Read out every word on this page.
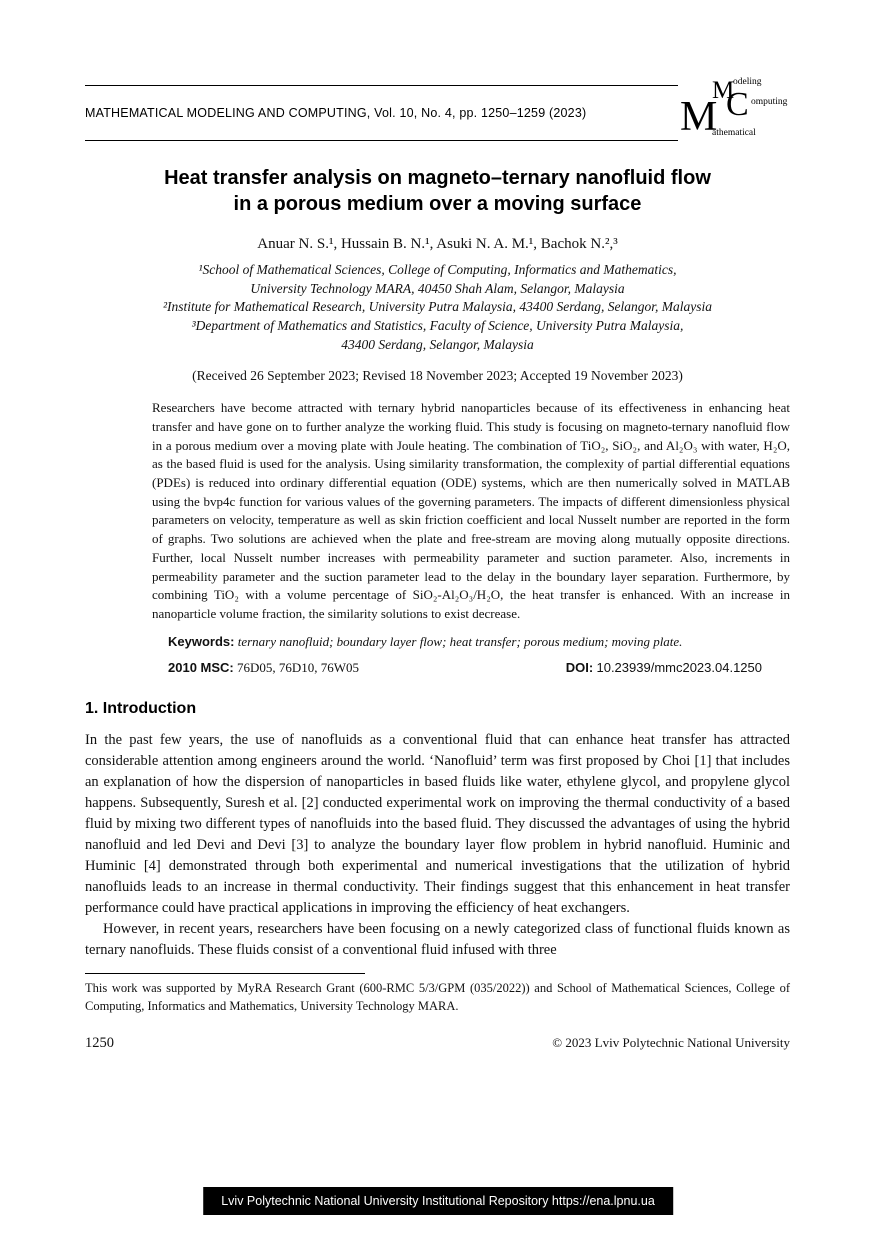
MATHEMATICAL MODELING AND COMPUTING, Vol. 10, No. 4, pp. 1250–1259 (2023) M
M
odeling
C omputing
athematical
Heat transfer analysis on magneto–ternary nanofluid flow
in a porous medium over a moving surface
Anuar N. S.¹, Hussain B. N.¹, Asuki N. A. M.¹, Bachok N.²,³
¹School of Mathematical Sciences, College of Computing, Informatics and Mathematics,
University Technology MARA, 40450 Shah Alam, Selangor, Malaysia
²Institute for Mathematical Research, University Putra Malaysia, 43400 Serdang, Selangor, Malaysia
³Department of Mathematics and Statistics, Faculty of Science, University Putra Malaysia,
43400 Serdang, Selangor, Malaysia
(Received 26 September 2023; Revised 18 November 2023; Accepted 19 November 2023)

Researchers have become attracted with ternary hybrid nanoparticles because of its effectiveness in enhancing heat transfer and have gone on to further analyze the working fluid. This study is focusing on magneto-ternary nanofluid flow in a porous medium over a moving plate with Joule heating. The combination of TiO₂, SiO₂, and Al₂O₃ with water, H₂O, as the based fluid is used for the analysis. Using similarity transformation, the complexity of partial differential equations (PDEs) is reduced into ordinary differential equation (ODE) systems, which are then numerically solved in MATLAB using the bvp4c function for various values of the governing parameters. The impacts of different dimensionless physical parameters on velocity, temperature as well as skin friction coefficient and local Nusselt number are reported in the form of graphs. Two solutions are achieved when the plate and free-stream are moving along mutually opposite directions. Further, local Nusselt number increases with permeability parameter and suction parameter. Also, increments in permeability parameter and the suction parameter lead to the delay in the boundary layer separation. Furthermore, by combining TiO₂ with a volume percentage of SiO₂-Al₂O₃/H₂O, the heat transfer is enhanced. With an increase in nanoparticle volume fraction, the similarity solutions to exist decrease.

Keywords: ternary nanofluid; boundary layer flow; heat transfer; porous medium; moving plate.

2010 MSC: 76D05, 76D10, 76W05	DOI: 10.23939/mmc2023.04.1250
1. Introduction

In the past few years, the use of nanofluids as a conventional fluid that can enhance heat transfer has attracted considerable attention among engineers around the world. ‘Nanofluid’ term was first proposed by Choi [1] that includes an explanation of how the dispersion of nanoparticles in based fluids like water, ethylene glycol, and propylene glycol happens. Subsequently, Suresh et al. [2] conducted experimental work on improving the thermal conductivity of a based fluid by mixing two different types of nanofluids into the based fluid. They discussed the advantages of using the hybrid nanofluid and led Devi and Devi [3] to analyze the boundary layer flow problem in hybrid nanofluid. Huminic and Huminic [4] demonstrated through both experimental and numerical investigations that the utilization of hybrid nanofluids leads to an increase in thermal conductivity. Their findings suggest that this enhancement in heat transfer performance could have practical applications in improving the efficiency of heat exchangers.

However, in recent years, researchers have been focusing on a newly categorized class of functional fluids known as ternary nanofluids. These fluids consist of a conventional fluid infused with three

This work was supported by MyRA Research Grant (600-RMC 5/3/GPM (035/2022)) and School of Mathematical Sciences, College of Computing, Informatics and Mathematics, University Technology MARA.

1250	© 2023 Lviv Polytechnic National University
Lviv Polytechnic National University Institutional Repository https://ena.lpnu.ua
